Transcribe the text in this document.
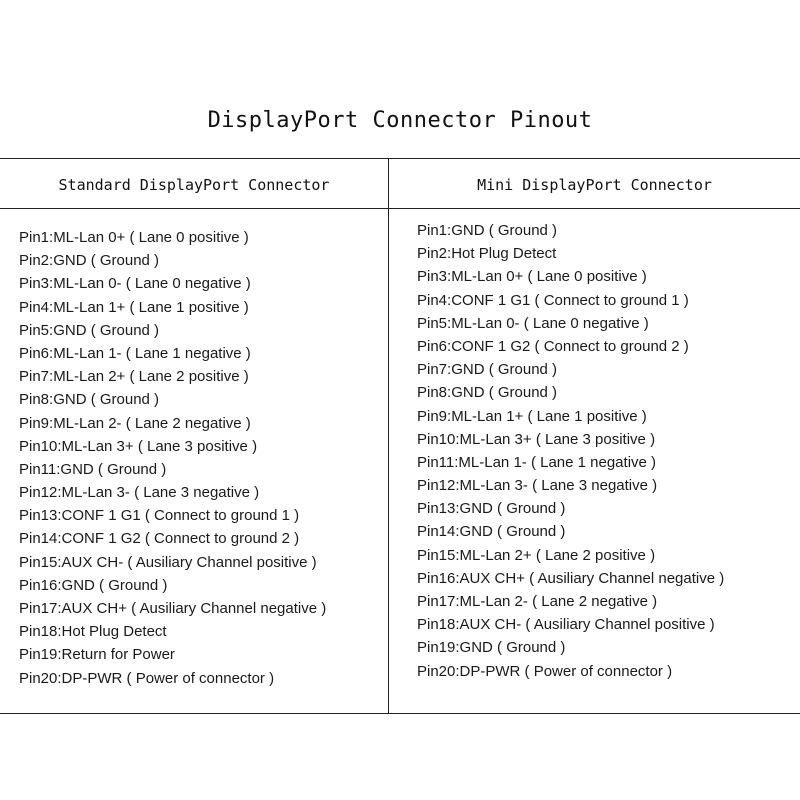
DisplayPort Connector Pinout
Standard DisplayPort Connector	Mini DisplayPort Connector
Pin1:ML-Lan 0+ ( Lane 0 positive )
Pin2:GND ( Ground )
Pin3:ML-Lan 0- ( Lane 0 negative )
Pin4:ML-Lan 1+ ( Lane 1 positive )
Pin5:GND ( Ground )
Pin6:ML-Lan 1- ( Lane 1 negative )
Pin7:ML-Lan 2+ ( Lane 2 positive )
Pin8:GND ( Ground )
Pin9:ML-Lan 2- ( Lane 2 negative )
Pin10:ML-Lan 3+ ( Lane 3 positive )
Pin11:GND ( Ground )
Pin12:ML-Lan 3- ( Lane 3 negative )
Pin13:CONF 1 G1 ( Connect to ground 1 )
Pin14:CONF 1 G2 ( Connect to ground 2 )
Pin15:AUX CH- ( Ausiliary Channel positive )
Pin16:GND ( Ground )
Pin17:AUX CH+ ( Ausiliary Channel negative )
Pin18:Hot Plug Detect
Pin19:Return for Power
Pin20:DP-PWR ( Power of connector )
Pin1:GND ( Ground )
Pin2:Hot Plug Detect
Pin3:ML-Lan 0+ ( Lane 0 positive )
Pin4:CONF 1 G1 ( Connect to ground 1 )
Pin5:ML-Lan 0- ( Lane 0 negative )
Pin6:CONF 1 G2 ( Connect to ground 2 )
Pin7:GND ( Ground )
Pin8:GND ( Ground )
Pin9:ML-Lan 1+ ( Lane 1 positive )
Pin10:ML-Lan 3+ ( Lane 3 positive )
Pin11:ML-Lan 1- ( Lane 1 negative )
Pin12:ML-Lan 3- ( Lane 3 negative )
Pin13:GND ( Ground )
Pin14:GND ( Ground )
Pin15:ML-Lan 2+ ( Lane 2 positive )
Pin16:AUX CH+ ( Ausiliary Channel negative )
Pin17:ML-Lan 2- ( Lane 2 negative )
Pin18:AUX CH- ( Ausiliary Channel positive )
Pin19:GND ( Ground )
Pin20:DP-PWR ( Power of connector )
